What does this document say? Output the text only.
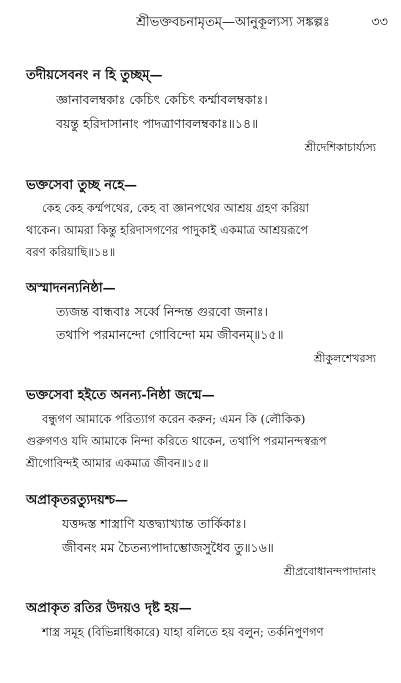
শ্রীভক্তবচনামৃতম্—আনুকূল্যস্য সঙ্কল্পঃ	৩৩
তদীয়সেবনং ন হি তুচ্ছম্—
জ্ঞানাবলম্বকাঃ কেচিৎ কেচিৎ কর্ম্মাবলম্বকাঃ।
বয়ন্তু হরিদাসানাং পাদত্রাণাবলম্বকাঃ॥১৪॥
শ্রীদেশিকাচার্য্যস্য
ভক্তসেবা তুচ্ছ নহে—
কেহ কেহ কর্ম্মপথের, কেহ বা জ্ঞানপথের আশ্রয় গ্রহণ করিয়া
থাকেন। আমরা কিন্তু হরিদাসগণের পাদুকাই একমাত্র আশ্রয়রূপে
বরণ করিয়াছি॥১৪॥
অস্মাদনন্যনিষ্ঠা—
ত্যজন্ত বান্ধবাঃ সর্ব্বে নিন্দন্ত গুরবো জনাঃ।
তথাপি পরমানন্দো গোবিন্দো মম জীবনম্॥১৫॥
শ্রীকুলশেখরস্য
ভক্তসেবা হইতে অনন্য-নিষ্ঠা জন্মে—
বন্ধুগণ আমাকে পরিত্যাগ করেন করুন; এমন কি (লৌকিক)
গুরুগণও যদি আমাকে নিন্দা করিতে থাকেন, তথাপি পরমানন্দস্বরূপ
শ্রীগোবিন্দই আমার একমাত্র জীবন॥১৫॥
অপ্রাকৃতরত্যুদয়শ্চ—
যত্তদ্দস্ত শাস্ত্রাণি যত্তদ্ব্যাখ্যান্ত তার্কিকাঃ।
জীবনং মম চৈতন্যপাদাম্ভোজসুধৈব তু॥১৬॥
শ্রীপ্রবোধানন্দপাদানাং
অপ্রাকৃত রতির উদয়ও দৃষ্ট হয়—
শাস্ত্র সমূহ (বিভিন্নাধিকারে) যাহা বলিতে হয় বলুন; তর্কনিপুণগণ
